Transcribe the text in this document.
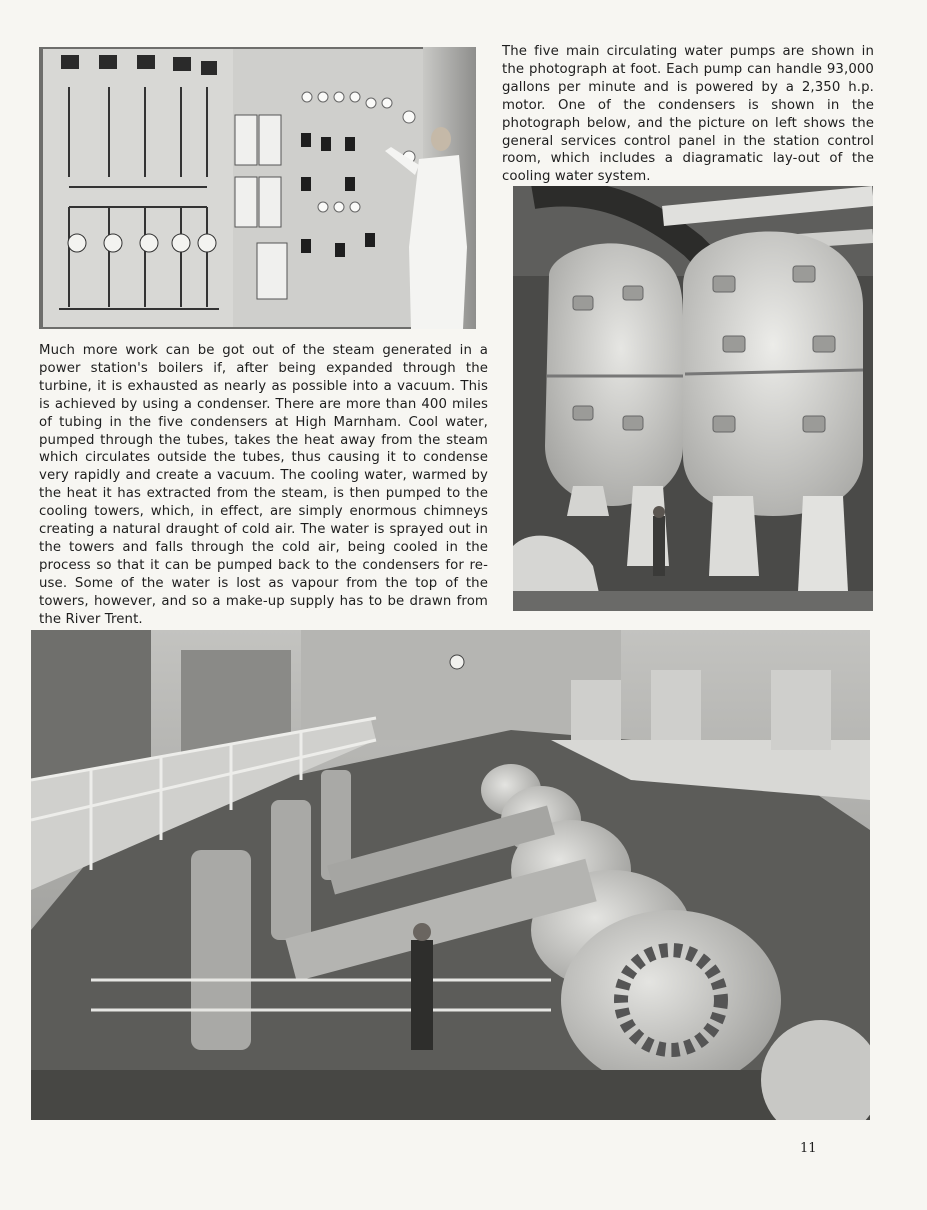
The five main circulating water pumps are shown in the photograph at foot. Each pump can handle 93,000 gallons per minute and is powered by a 2,350 h.p. motor. One of the condensers is shown in the photograph below, and the picture on left shows the general services control panel in the station control room, which includes a diagramatic lay-out of the cooling water system.
Much more work can be got out of the steam generated in a power station's boilers if, after being expanded through the turbine, it is exhausted as nearly as possible into a vacuum. This is achieved by using a condenser. There are more than 400 miles of tubing in the five condensers at High Marnham. Cool water, pumped through the tubes, takes the heat away from the steam which circulates outside the tubes, thus causing it to condense very rapidly and create a vacuum. The cooling water, warmed by the heat it has extracted from the steam, is then pumped to the cooling towers, which, in effect, are simply enormous chimneys creating a natural draught of cold air. The water is sprayed out in the towers and falls through the cold air, being cooled in the process so that it can be pumped back to the condensers for re-use. Some of the water is lost as vapour from the top of the towers, however, and so a make-up supply has to be drawn from the River Trent.
11
